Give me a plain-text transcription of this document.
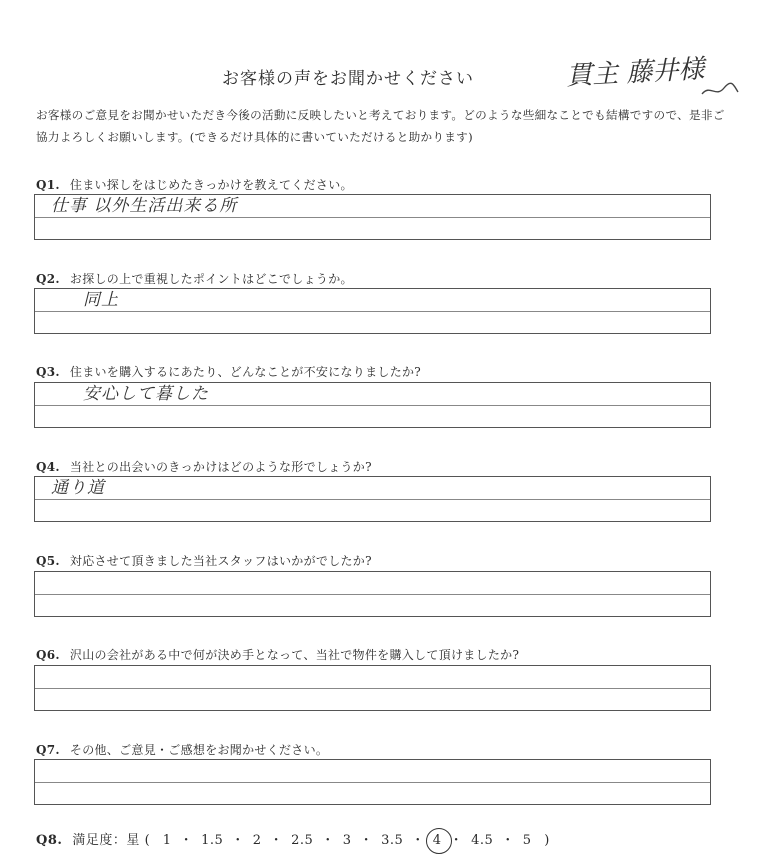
お客様の声をお聞かせください	貫主 藤井様
お客様のご意見をお聞かせいただき今後の活動に反映したいと考えております。どのような些細なことでも結構ですので、是非ご協力よろしくお願いします。(できるだけ具体的に書いていただけると助かります)
Q1. 住まい探しをはじめたきっかけを教えてください。
仕事 以外生活出来る所
Q2. お探しの上で重視したポイントはどこでしょうか。
同上
Q3. 住まいを購入するにあたり、どんなことが不安になりましたか?
安心して暮した
Q4. 当社との出会いのきっかけはどのような形でしょうか?
通り道
Q5. 対応させて頂きました当社スタッフはいかがでしたか?
Q6. 沢山の会社がある中で何が決め手となって、当社で物件を購入して頂けましたか?
Q7. その他、ご意見・ご感想をお聞かせください。
Q8. 満足度：星 ( 1 ・ 1.5 ・ 2 ・ 2.5 ・ 3 ・ 3.5 ・ 4 ・ 4.5 ・ 5 )
